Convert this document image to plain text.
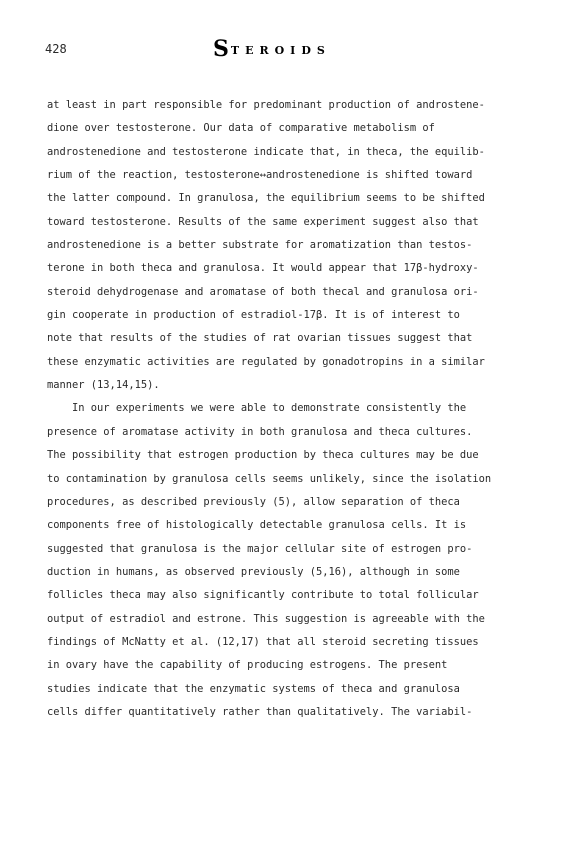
428	STEROIDS
at least in part responsible for predominant production of androstene-
dione over testosterone. Our data of comparative metabolism of
androstenedione and testosterone indicate that, in theca, the equilib-
rium of the reaction, testosterone↔androstenedione is shifted toward
the latter compound. In granulosa, the equilibrium seems to be shifted
toward testosterone. Results of the same experiment suggest also that
androstenedione is a better substrate for aromatization than testos-
terone in both theca and granulosa. It would appear that 17β-hydroxy-
steroid dehydrogenase and aromatase of both thecal and granulosa ori-
gin cooperate in production of estradiol-17β. It is of interest to
note that results of the studies of rat ovarian tissues suggest that
these enzymatic activities are regulated by gonadotropins in a similar
manner (13,14,15).
In our experiments we were able to demonstrate consistently the
presence of aromatase activity in both granulosa and theca cultures.
The possibility that estrogen production by theca cultures may be due
to contamination by granulosa cells seems unlikely, since the isolation
procedures, as described previously (5), allow separation of theca
components free of histologically detectable granulosa cells. It is
suggested that granulosa is the major cellular site of estrogen pro-
duction in humans, as observed previously (5,16), although in some
follicles theca may also significantly contribute to total follicular
output of estradiol and estrone. This suggestion is agreeable with the
findings of McNatty et al. (12,17) that all steroid secreting tissues
in ovary have the capability of producing estrogens. The present
studies indicate that the enzymatic systems of theca and granulosa
cells differ quantitatively rather than qualitatively. The variabil-
